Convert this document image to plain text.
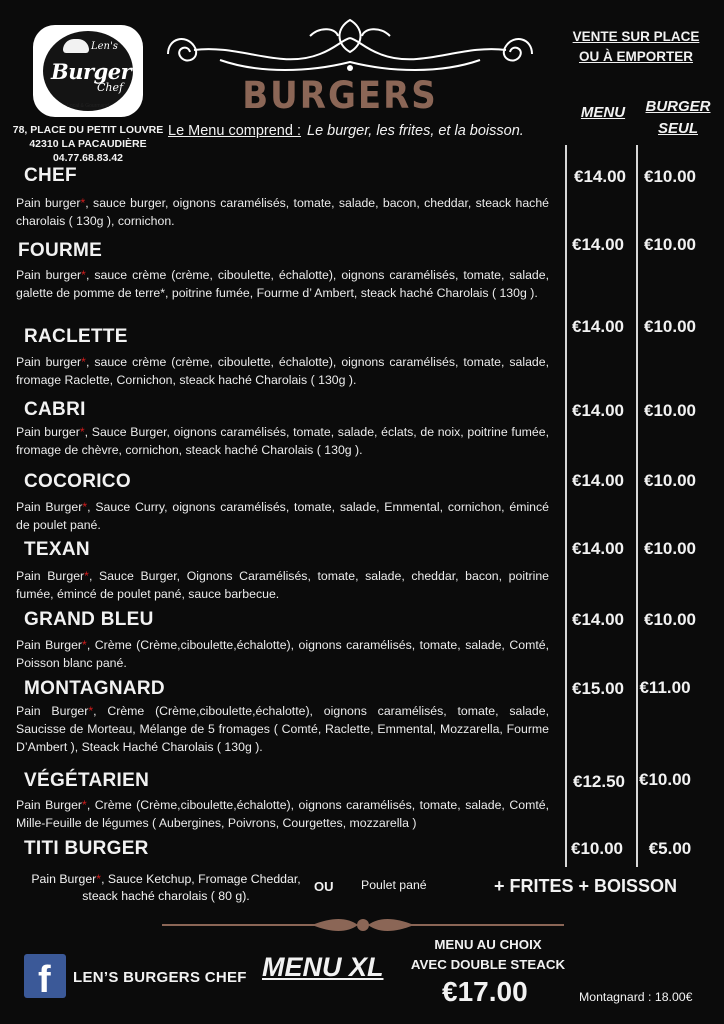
Len's
Burger
Chef
Local & Gourmand
78, PLACE DU PETIT LOUVRE
42310 LA PACAUDIÈRE
04.77.68.83.42
BURGERS
Le Menu comprend : Le burger, les frites, et la boisson.
VENTE SUR PLACE
OU À EMPORTER
MENU	BURGER
SEUL
CHEF
Pain burger*, sauce burger, oignons caramélisés, tomate, salade, bacon, cheddar, steack haché charolais ( 130g ), cornichon.
€14.00	€10.00
FOURME
Pain burger*, sauce crème (crème, ciboulette, échalotte), oignons caramélisés, tomate, salade, galette de pomme de terre*, poitrine fumée, Fourme d’ Ambert, steack haché Charolais ( 130g ).
€14.00	€10.00
RACLETTE
Pain burger*, sauce crème (crème, ciboulette, échalotte), oignons caramélisés, tomate, salade, fromage Raclette, Cornichon, steack haché Charolais ( 130g ).
€14.00	€10.00
CABRI
Pain burger*, Sauce Burger, oignons caramélisés, tomate, salade, éclats, de noix, poitrine fumée, fromage de chèvre, cornichon, steack haché Charolais ( 130g ).
€14.00	€10.00
COCORICO
Pain Burger*, Sauce Curry, oignons caramélisés, tomate, salade, Emmental, cornichon, émincé de poulet pané.
€14.00	€10.00
TEXAN
Pain Burger*, Sauce Burger, Oignons Caramélisés, tomate, salade, cheddar, bacon, poitrine fumée, émincé de poulet pané, sauce barbecue.
€14.00	€10.00
GRAND BLEU
Pain Burger*, Crème (Crème,ciboulette,échalotte), oignons caramélisés, tomate, salade, Comté, Poisson blanc pané.
€14.00	€10.00
MONTAGNARD
Pain Burger*, Crème (Crème,ciboulette,échalotte), oignons caramélisés, tomate, salade, Saucisse de Morteau, Mélange de 5 fromages ( Comté, Raclette, Emmental, Mozzarella, Fourme D’Ambert ), Steack Haché Charolais ( 130g ).
€15.00 €11.00
VÉGÉTARIEN
Pain Burger*, Crème (Crème,ciboulette,échalotte), oignons caramélisés, tomate, salade, Comté, Mille-Feuille de légumes ( Aubergines, Poivrons, Courgettes, mozzarella )
€12.50 €10.00
TITI BURGER	€10.00	€5.00
Pain Burger*, Sauce Ketchup, Fromage Cheddar, steack haché charolais ( 80 g).
OU Poulet pané	+ FRITES + BOISSON
f LEN’S BURGERS CHEF MENU XL
MENU AU CHOIX
AVEC DOUBLE STEACK
€17.00	Montagnard : 18.00€
